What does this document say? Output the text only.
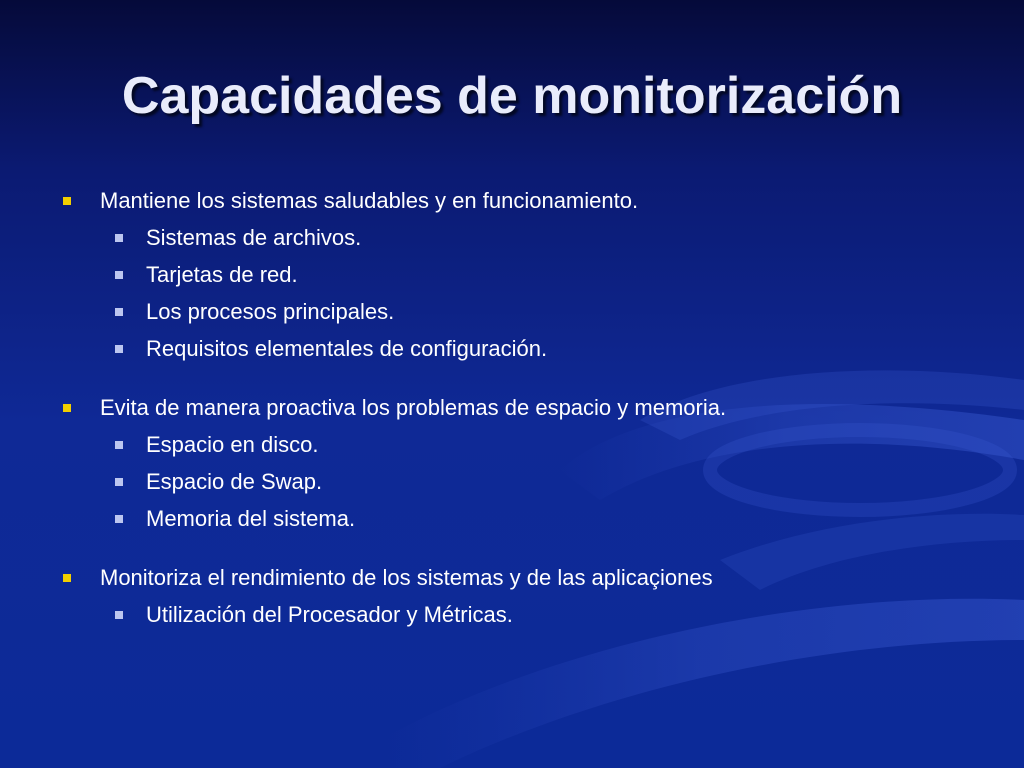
Capacidades de monitorización
Mantiene los sistemas saludables y en funcionamiento.
Sistemas de archivos.
Tarjetas de red.
Los procesos principales.
Requisitos elementales de configuración.
Evita de manera proactiva los problemas de espacio y memoria.
Espacio en disco.
Espacio de Swap.
Memoria del sistema.
Monitoriza el rendimiento de los sistemas y de las aplicaçiones
Utilización del Procesador y Métricas.
